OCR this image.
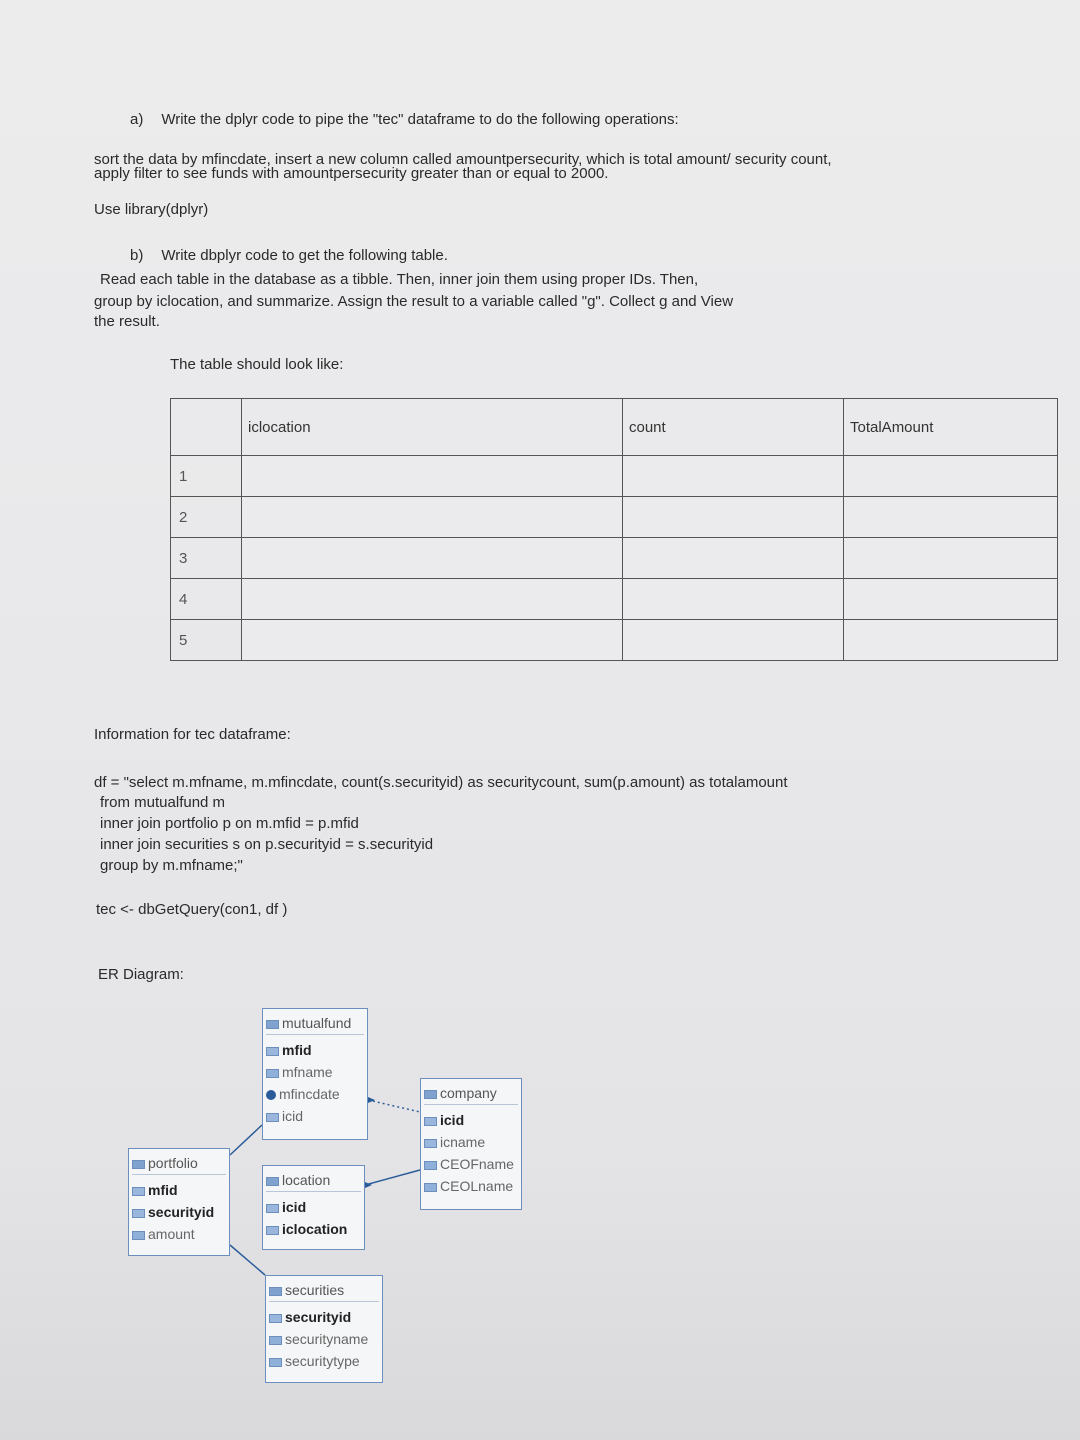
a) Write the dplyr code to pipe the "tec" dataframe to do the following operations:
sort the data by mfincdate, insert a new column called amountpersecurity, which is total amount/ security count,
apply filter to see funds with amountpersecurity greater than or equal to 2000.
Use library(dplyr)
b) Write dbplyr code to get the following table.
Read each table in the database as a tibble. Then, inner join them using proper IDs. Then,
group by iclocation, and summarize. Assign the result to a variable called "g". Collect g and View
the result.
The table should look like:
	iclocation	count	TotalAmount
1			
2			
3			
4			
5			
Information for tec dataframe:
df = "select m.mfname, m.mfincdate, count(s.securityid) as securitycount, sum(p.amount) as totalamount
from mutualfund m
inner join portfolio p on m.mfid = p.mfid
inner join securities s on p.securityid = s.securityid
group by m.mfname;"
tec <- dbGetQuery(con1, df )
ER Diagram:
mutualfund
mfid
mfname
mfincdate
icid
company
icid
icname
CEOFname
CEOLname
portfolio
mfid
securityid
amount
location
icid
iclocation
securities
securityid
securityname
securitytype
